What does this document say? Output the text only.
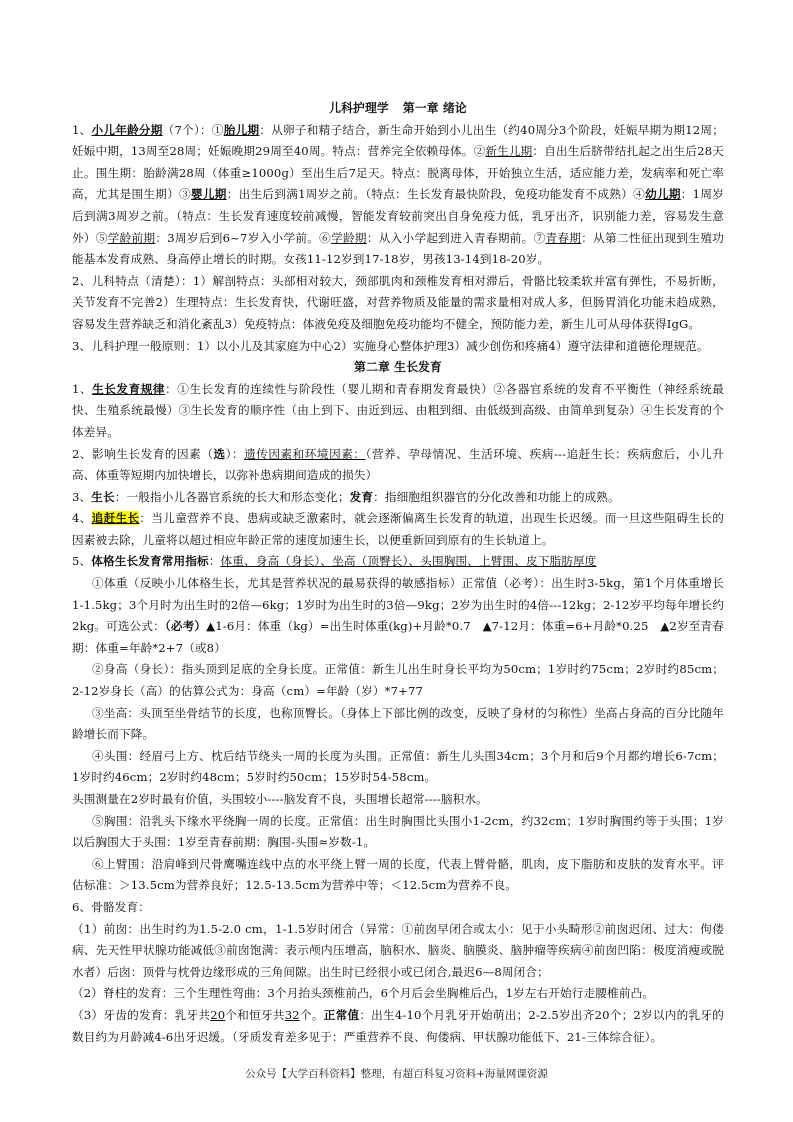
儿科护理学 第一章 绪论

1、小儿年龄分期（7个）：①胎儿期：从卵子和精子结合，新生命开始到小儿出生（约40周分3个阶段，妊娠早期为期12周；妊娠中期，13周至28周；妊娠晚期29周至40周。特点：营养完全依赖母体。②新生儿期：自出生后脐带结扎起之出生后28天止。围生期：胎龄满28周（体重≥1000g）至出生后7足天。特点：脱离母体，开始独立生活，适应能力差，发病率和死亡率高，尤其是围生期）③婴儿期：出生后到满1周岁之前。（特点：生长发育最快阶段，免疫功能发育不成熟）④幼儿期：1周岁后到满3周岁之前。（特点：生长发育速度较前减慢，智能发育较前突出自身免疫力低，乳牙出齐，识别能力差，容易发生意外）⑤学龄前期：3周岁后到6~7岁入小学前。⑥学龄期：从入小学起到进入青春期前。⑦青春期：从第二性征出现到生殖功能基本发育成熟、身高停止增长的时期。女孩11-12岁到17-18岁，男孩13-14到18-20岁。

2、儿科特点（清楚）：1）解剖特点：头部相对较大，颈部肌肉和颈椎发育相对滞后，骨骼比较柔软并富有弹性，不易折断，关节发育不完善2）生理特点：生长发育快，代谢旺盛，对营养物质及能量的需求量相对成人多，但肠胃消化功能未趋成熟，容易发生营养缺乏和消化紊乱3）免疫特点：体液免疫及细胞免疫功能均不健全，预防能力差，新生儿可从母体获得IgG。

3、儿科护理一般原则：1）以小儿及其家庭为中心2）实施身心整体护理3）减少创伤和疼痛4）遵守法律和道德伦理规范。

第二章 生长发育

1、生长发育规律：①生长发育的连续性与阶段性（婴儿期和青春期发育最快）②各器官系统的发育不平衡性（神经系统最快、生殖系统最慢）③生长发育的顺序性（由上到下、由近到远、由粗到细、由低级到高级、由简单到复杂）④生长发育的个体差异。

2、影响生长发育的因素（选）：遗传因素和环境因素：（营养、孕母情况、生活环境、疾病---追赶生长：疾病愈后，小儿升高、体重等短期内加快增长，以弥补患病期间造成的损失）

3、生长：一般指小儿各器官系统的长大和形态变化；发育：指细胞组织器官的分化改善和功能上的成熟。

4、追赶生长：当儿童营养不良、患病或缺乏激素时，就会逐渐偏离生长发育的轨道，出现生长迟缓。而一旦这些阻碍生长的因素被去除，儿童将以超过相应年龄正常的速度加速生长，以便重新回到原有的生长轨道上。

5、体格生长发育常用指标：体重、身高（身长）、坐高（顶臀长）、头围胸围、上臂围、皮下脂肪厚度

①体重（反映小儿体格生长，尤其是营养状况的最易获得的敏感指标）正常值（必考）：出生时3-5kg，第1个月体重增长1-1.5kg；3个月时为出生时的2倍—6kg；1岁时为出生时的3倍—9kg；2岁为出生时的4倍---12kg；2-12岁平均每年增长约2kg。可选公式：（必考）▲1-6月：体重（kg）=出生时体重(kg)+月龄*0.7　▲7-12月：体重=6+月龄*0.25　▲2岁至青春期：体重=年龄*2+7（或8）

②身高（身长）：指头顶到足底的全身长度。正常值：新生儿出生时身长平均为50cm；1岁时约75cm；2岁时约85cm；2-12岁身长（高）的估算公式为：身高（cm）=年龄（岁）*7+77

③坐高：头顶至坐骨结节的长度，也称顶臀长。（身体上下部比例的改变，反映了身材的匀称性）坐高占身高的百分比随年龄增长而下降。

④头围：经眉弓上方、枕后结节绕头一周的长度为头围。正常值：新生儿头围34cm；3个月和后9个月都约增长6-7cm；1岁时约46cm；2岁时约48cm；5岁时约50cm；15岁时54-58cm。

头围测量在2岁时最有价值，头围较小----脑发育不良，头围增长超常----脑积水。

⑤胸围：沿乳头下缘水平绕胸一周的长度。正常值：出生时胸围比头围小1-2cm，约32cm；1岁时胸围约等于头围；1岁以后胸围大于头围：1岁至青春前期：胸围-头围≈岁数-1。

⑥上臂围：沿肩峰到尺骨鹰嘴连线中点的水平绕上臂一周的长度，代表上臂骨骼，肌肉，皮下脂肪和皮肤的发育水平。评估标准：＞13.5cm为营养良好；12.5-13.5cm为营养中等；＜12.5cm为营养不良。

6、骨骼发育：

（1）前囱：出生时约为1.5-2.0 cm，1-1.5岁时闭合（异常：①前囱早闭合或太小：见于小头畸形②前囱迟闭、过大：佝偻病、先天性甲状腺功能减低③前囱饱满：表示颅内压增高，脑积水、脑炎、脑膜炎、脑肿瘤等疾病④前囱凹陷：极度消瘦或脱水者）后囱：顶骨与枕骨边缘形成的三角间隙。出生时已经很小或已闭合,最迟6—8周闭合；

（2）脊柱的发育：三个生理性弯曲：3个月抬头颈椎前凸，6个月后会坐胸椎后凸，1岁左右开始行走腰椎前凸。

（3）牙齿的发育：乳牙共20个和恒牙共32个。正常值：出生4-10个月乳牙开始萌出；2-2.5岁出齐20个；2岁以内的乳牙的数目约为月龄减4-6出牙迟缓。（牙质发育差多见于：严重营养不良、佝偻病、甲状腺功能低下、21-三体综合征）。

公众号【大学百科资料】整理，有超百科复习资料+海量网课资源
